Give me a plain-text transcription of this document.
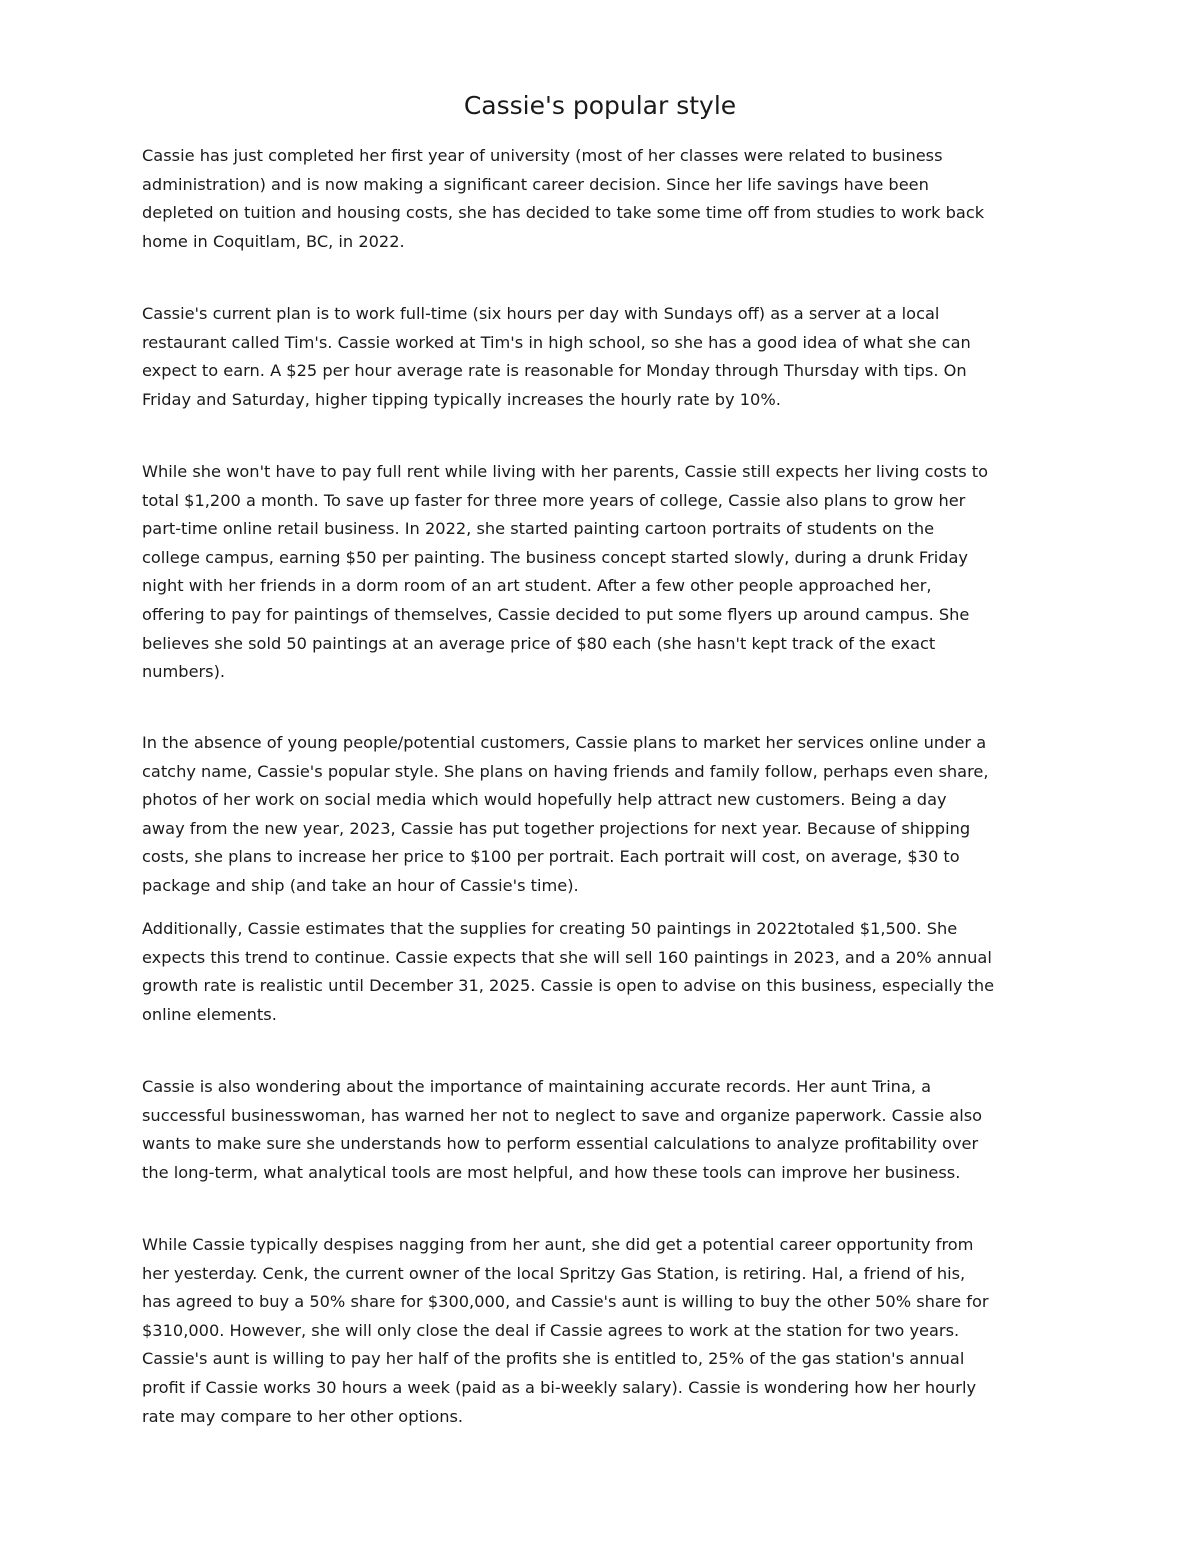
Cassie's popular style

Cassie has just completed her first year of university (most of her classes were related to business
administration) and is now making a significant career decision. Since her life savings have been
depleted on tuition and housing costs, she has decided to take some time off from studies to work back
home in Coquitlam, BC, in 2022.

Cassie's current plan is to work full-time (six hours per day with Sundays off) as a server at a local
restaurant called Tim's. Cassie worked at Tim's in high school, so she has a good idea of what she can
expect to earn. A $25 per hour average rate is reasonable for Monday through Thursday with tips. On
Friday and Saturday, higher tipping typically increases the hourly rate by 10%.

While she won't have to pay full rent while living with her parents, Cassie still expects her living costs to
total $1,200 a month. To save up faster for three more years of college, Cassie also plans to grow her
part-time online retail business. In 2022, she started painting cartoon portraits of students on the
college campus, earning $50 per painting. The business concept started slowly, during a drunk Friday
night with her friends in a dorm room of an art student. After a few other people approached her,
offering to pay for paintings of themselves, Cassie decided to put some flyers up around campus. She
believes she sold 50 paintings at an average price of $80 each (she hasn't kept track of the exact
numbers).

In the absence of young people/potential customers, Cassie plans to market her services online under a
catchy name, Cassie's popular style. She plans on having friends and family follow, perhaps even share,
photos of her work on social media which would hopefully help attract new customers. Being a day
away from the new year, 2023, Cassie has put together projections for next year. Because of shipping
costs, she plans to increase her price to $100 per portrait. Each portrait will cost, on average, $30 to
package and ship (and take an hour of Cassie's time).

Additionally, Cassie estimates that the supplies for creating 50 paintings in 2022totaled $1,500. She
expects this trend to continue. Cassie expects that she will sell 160 paintings in 2023, and a 20% annual
growth rate is realistic until December 31, 2025. Cassie is open to advise on this business, especially the
online elements.

Cassie is also wondering about the importance of maintaining accurate records. Her aunt Trina, a
successful businesswoman, has warned her not to neglect to save and organize paperwork. Cassie also
wants to make sure she understands how to perform essential calculations to analyze profitability over
the long-term, what analytical tools are most helpful, and how these tools can improve her business.

While Cassie typically despises nagging from her aunt, she did get a potential career opportunity from
her yesterday. Cenk, the current owner of the local Spritzy Gas Station, is retiring. Hal, a friend of his,
has agreed to buy a 50% share for $300,000, and Cassie's aunt is willing to buy the other 50% share for
$310,000. However, she will only close the deal if Cassie agrees to work at the station for two years.
Cassie's aunt is willing to pay her half of the profits she is entitled to, 25% of the gas station's annual
profit if Cassie works 30 hours a week (paid as a bi-weekly salary). Cassie is wondering how her hourly
rate may compare to her other options.
